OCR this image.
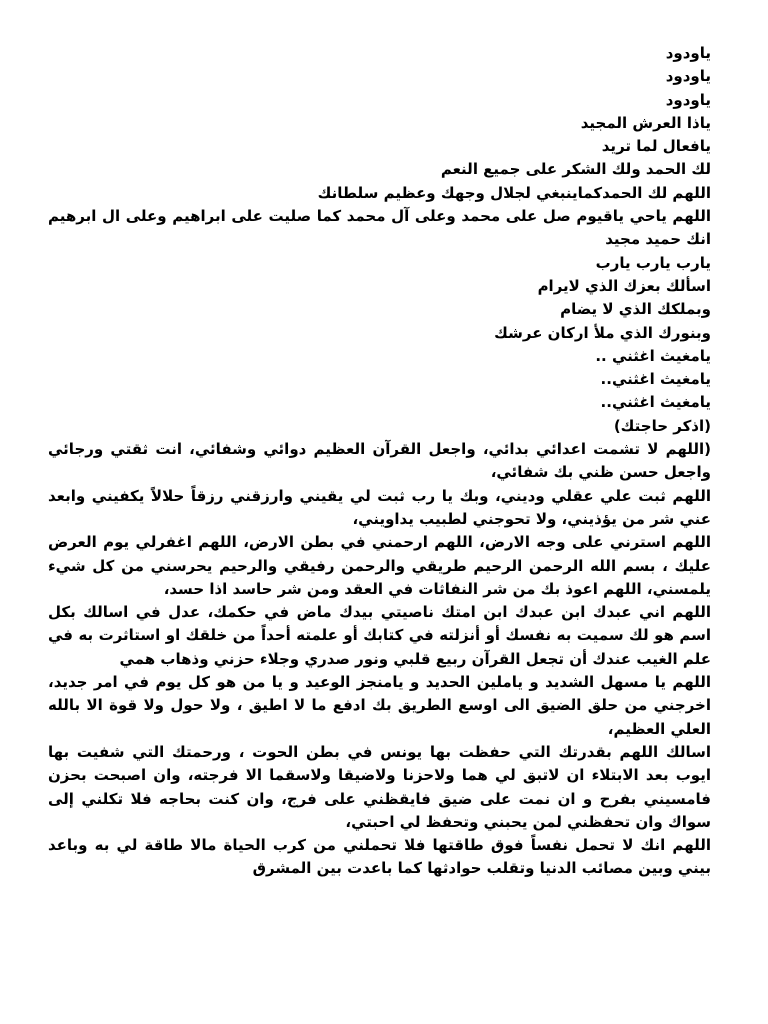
ياودود
ياودود
ياودود
ياذا العرش المجيد
يافعال لما تريد
لك الحمد ولك الشكر على جميع النعم
اللهم لك الحمدكماينبغي لجلال وجهك وعظيم سلطانك
اللهم ياحي ياقيوم صل على محمد وعلى آل محمد كما صليت على ابراهيم وعلى ال ابرهيم انك حميد مجيد
يارب يارب يارب
اسألك بعزك الذي لايرام
وبملكك الذي لا يضام
وبنورك الذي ملأ اركان عرشك
يامغيث اغثني ..
يامغيث اغثني..
يامغيث اغثني..
(اذكر حاجتك)
(اللهم لا تشمت اعدائي بدائي، واجعل القرآن العظيم دوائي وشفائي، انت ثقتي ورجائي واجعل حسن ظني بك شفائي،
اللهم ثبت علي عقلي وديني، وبك يا رب ثبت لي يقيني وارزقني رزقاً حلالاً يكفيني وابعد عني شر من يؤذيني، ولا تحوجني لطبيب يداويني،
اللهم استرني على وجه الارض، اللهم ارحمني في بطن الارض، اللهم اغفرلي يوم العرض عليك ، بسم الله الرحمن الرحيم طريقي والرحمن رفيقي والرحيم يحرسني من كل شيء يلمسني، اللهم اعوذ بك من شر النفاثات في العقد ومن شر حاسد اذا حسد،
اللهم اني عبدك ابن عبدك ابن امتك ناصيتي بيدك ماض في حكمك، عدل في اسالك بكل اسم هو لك سميت به نفسك أو أنزلته في كتابك أو علمته أحداً من خلقك او استاثرت به في علم الغيب عندك أن تجعل القرآن ربيع قلبي ونور صدري وجلاء حزني وذهاب همي
اللهم يا مسهل الشديد و ياملين الحديد و يامنجز الوعيد و يا من هو كل يوم في امر جديد، اخرجني من حلق الضيق الى اوسع الطريق بك ادفع ما لا اطيق ، ولا حول ولا قوة الا بالله العلي العظيم،
اسالك اللهم بقدرتك التي حفظت بها يونس في بطن الحوت ، ورحمتك التي شفيت بها ايوب بعد الابتلاء ان لاتبق لي هما ولاحزنا ولاضيقا ولاسقما الا فرجته، وان اصبحت بحزن فامسيني بفرح و ان نمت على ضيق فايقظني على فرج، وان كنت بحاجه فلا تكلني إلى سواك وان تحفظني لمن يحبني وتحفظ لي احبتي،
اللهم انك لا تحمل نفساً فوق طاقتها فلا تحملني من كرب الحياة مالا طاقة لي به وباعد بيني وبين مصائب الدنيا وتقلب حوادثها كما باعدت بين المشرق
